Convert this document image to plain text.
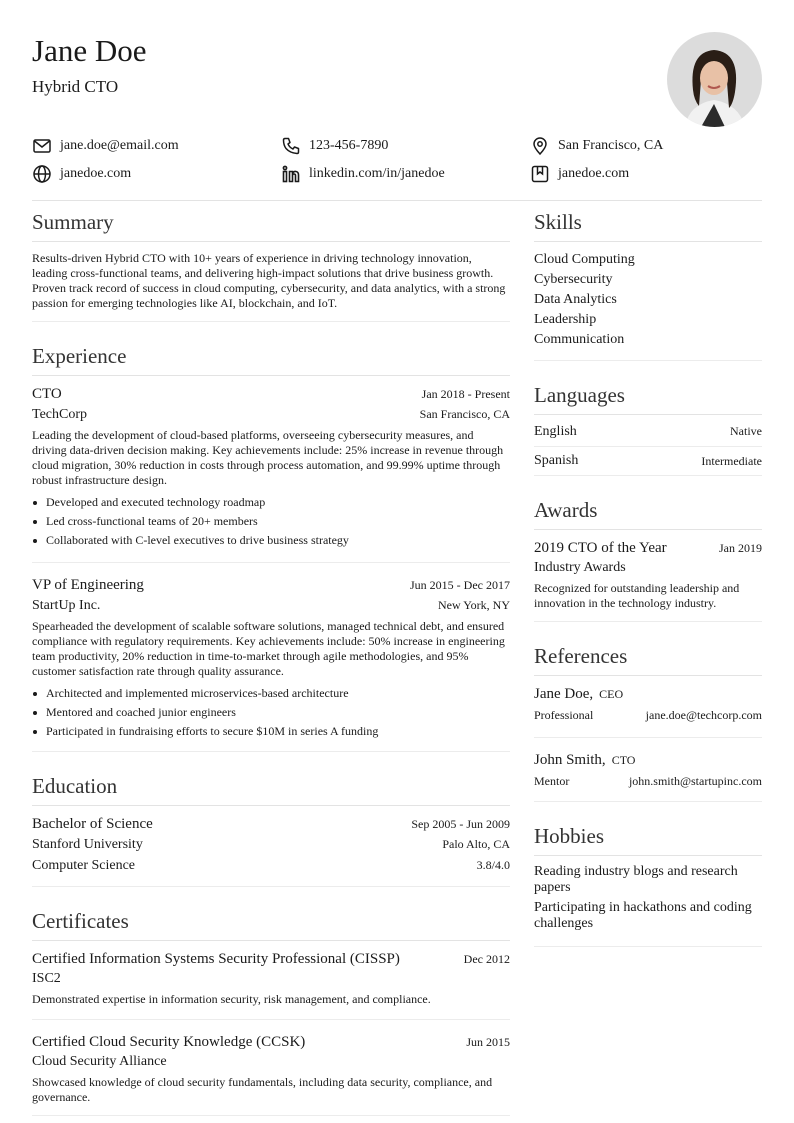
Jane Doe
Hybrid CTO
jane.doe@email.com	123-456-7890	San Francisco, CA
janedoe.com	linkedin.com/in/janedoe	janedoe.com
Summary
Results-driven Hybrid CTO with 10+ years of experience in driving technology innovation, leading cross-functional teams, and delivering high-impact solutions that drive business growth. Proven track record of success in cloud computing, cybersecurity, and data analytics, with a strong passion for emerging technologies like AI, blockchain, and IoT.
Experience
CTO	Jan 2018 - Present
TechCorp	San Francisco, CA
Leading the development of cloud-based platforms, overseeing cybersecurity measures, and driving data-driven decision making. Key achievements include: 25% increase in revenue through cloud migration, 30% reduction in costs through process automation, and 99.99% uptime through robust infrastructure design.
Developed and executed technology roadmap
Led cross-functional teams of 20+ members
Collaborated with C-level executives to drive business strategy
VP of Engineering	Jun 2015 - Dec 2017
StartUp Inc.	New York, NY
Spearheaded the development of scalable software solutions, managed technical debt, and ensured compliance with regulatory requirements. Key achievements include: 50% increase in engineering team productivity, 20% reduction in time-to-market through agile methodologies, and 95% customer satisfaction rate through quality assurance.
Architected and implemented microservices-based architecture
Mentored and coached junior engineers
Participated in fundraising efforts to secure $10M in series A funding
Education
Bachelor of Science	Sep 2005 - Jun 2009
Stanford University	Palo Alto, CA
Computer Science	3.8/4.0
Certificates
Certified Information Systems Security Professional (CISSP)	Dec 2012
ISC2
Demonstrated expertise in information security, risk management, and compliance.
Certified Cloud Security Knowledge (CCSK)	Jun 2015
Cloud Security Alliance
Showcased knowledge of cloud security fundamentals, including data security, compliance, and governance.
Skills
Cloud Computing
Cybersecurity
Data Analytics
Leadership
Communication
Languages
English	Native
Spanish	Intermediate
Awards
2019 CTO of the Year	Jan 2019
Industry Awards
Recognized for outstanding leadership and innovation in the technology industry.
References
Jane Doe, CEO
Professional	jane.doe@techcorp.com
John Smith, CTO
Mentor	john.smith@startupinc.com
Hobbies
Reading industry blogs and research papers
Participating in hackathons and coding challenges
